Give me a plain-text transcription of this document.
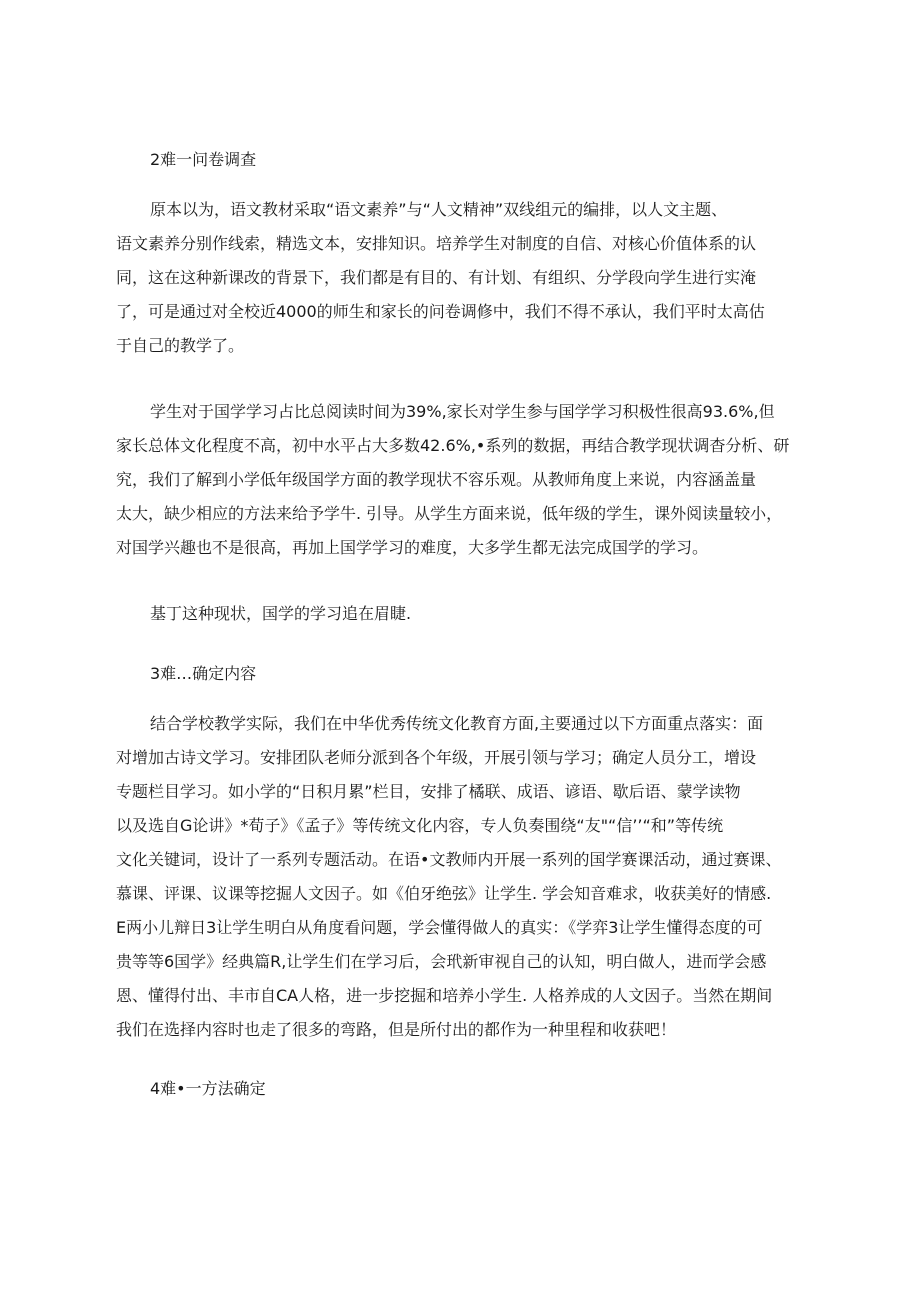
2难一问卷调查
原本以为，语文教材采取“语文素养”与“人文精神”双线组元的编排，以人文主题、
语文素养分别作线索，精选文本，安排知识。培养学生对制度的自信、对核心价值体系的认
同，这在这种新课改的背景下，我们都是有目的、有计划、有组织、分学段向学生进行实淹
了，可是通过对全校近4000的师生和家长的问卷调修中，我们不得不承认，我们平时太高估
于自己的教学了。
学生对于国学学习占比总阅读时间为39%,家长对学生参与国学学习积极性很高93.6%,但
家长总体文化程度不高，初中水平占大多数42.6%,•系列的数据，再结合教学现状调杳分析、研
究，我们了解到小学低年级国学方面的教学现状不容乐观。从教师角度上来说，内容涵盖量
太大，缺少相应的方法来给予学牛. 引导。从学生方面来说，低年级的学生，课外阅读量较小，
对国学兴趣也不是很高，再加上国学学习的难度，大多学生都无法完成国学的学习。
基丁这种现状，国学的学习追在眉睫.
3难…确定内容
结合学校教学实际，我们在中华优秀传统文化教育方面,主要通过以下方面重点落实：面
对增加古诗文学习。安排团队老师分派到各个年级，开展引领与学习；确定人员分工，增设
专题栏目学习。如小学的“日积月累”栏目，安排了橘联、成语、谚语、歇后语、蒙学读物
以及选自G论讲》*荀子》《孟子》等传统文化内容，专人负奏围绕“友"“信’’“和”等传统
文化关键词，设计了一系列专题活动。在语•文教师内开展一系列的国学赛课活动，通过赛课、
慕课、评课、议课等挖掘人文因子。如《伯牙绝弦》让学生. 学会知音难求，收获美好的情感.
E两小儿辩日3让学生明白从角度看问题，学会懂得做人的真实：《学弈3让学生懂得态度的可
贵等等6国学》经典篇R,让学生们在学习后，会玳新审视自己的认知，明白做人，进而学会感
恩、懂得付出、丰市自CA人格，进一步挖掘和培养小学生. 人格养成的人文因子。当然在期间
我们在选择内容时也走了很多的弯路，但是所付出的都作为一种里程和收获吧！
4难•一方法确定
